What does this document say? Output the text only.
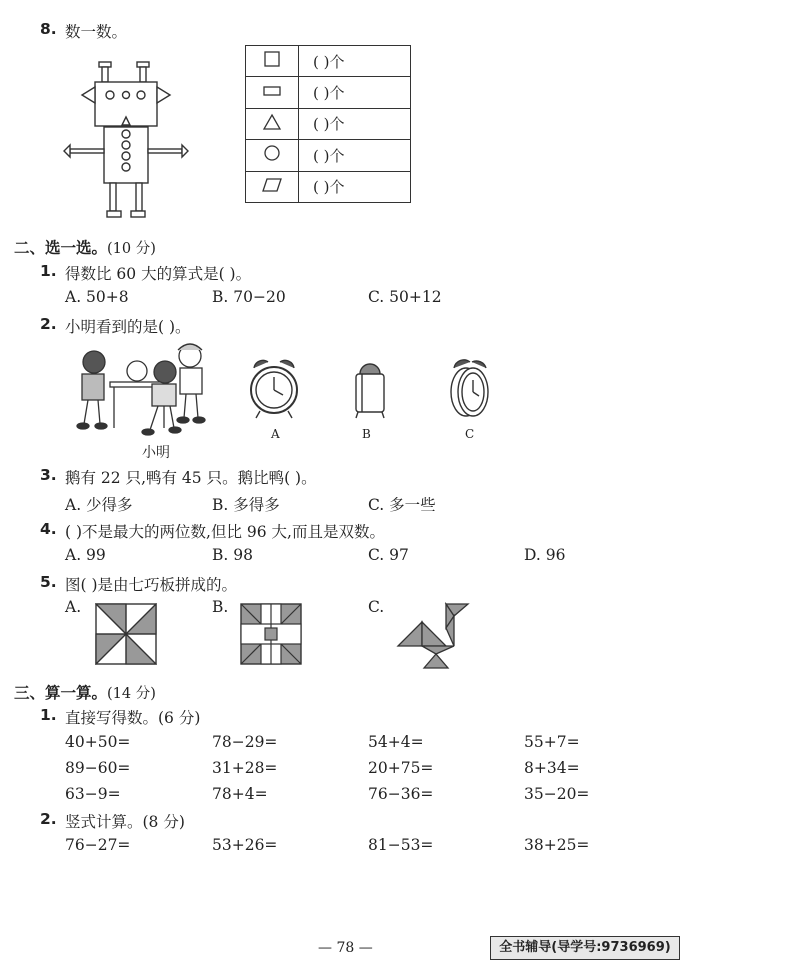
8. 数一数。
	( )个
	( )个
	( )个
	( )个
	( )个
二、选一选。(10 分)
1. 得数比 60 大的算式是( )。
A. 50+8	B. 70−20	C. 50+12
2. 小明看到的是( )。
小明
A	B	C
3. 鹅有 22 只,鸭有 45 只。鹅比鸭( )。
A. 少得多	B. 多得多	C. 多一些
4. ( )不是最大的两位数,但比 96 大,而且是双数。
A. 99	B. 98	C. 97	D. 96
5. 图( )是由七巧板拼成的。
A.	B.	C.
三、算一算。(14 分)
1. 直接写得数。(6 分)
40+50=	78−29=	54+4=	55+7=
89−60=	31+28=	20+75=	8+34=
63−9=	78+4=	76−36=	35−20=
2. 竖式计算。(8 分)
76−27=	53+26=	81−53=	38+25=
— 78 —	全书辅导(导学号:9736969)
